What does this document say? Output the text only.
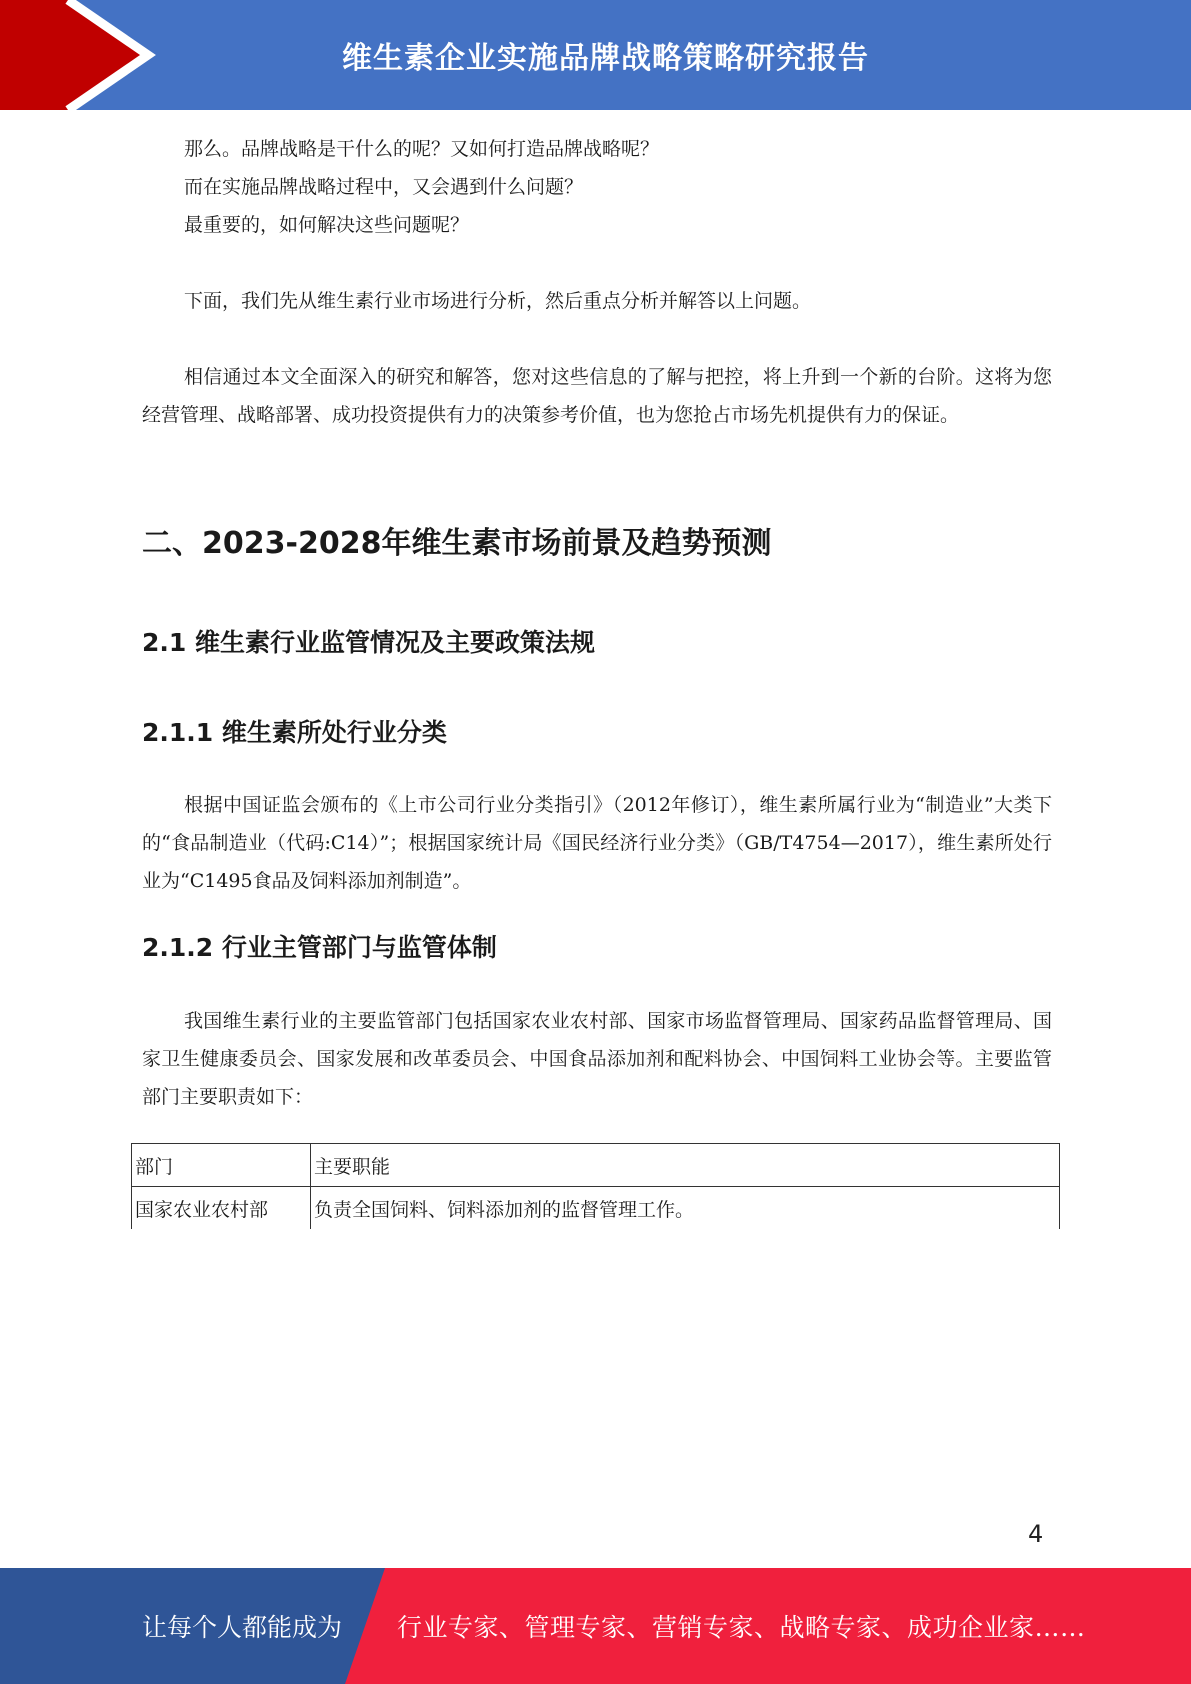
维生素企业实施品牌战略策略研究报告

那么。品牌战略是干什么的呢？又如何打造品牌战略呢？

而在实施品牌战略过程中，又会遇到什么问题？

最重要的，如何解决这些问题呢？

下面，我们先从维生素行业市场进行分析，然后重点分析并解答以上问题。

相信通过本文全面深入的研究和解答，您对这些信息的了解与把控，将上升到一个新的台阶。这将为您经营管理、战略部署、成功投资提供有力的决策参考价值，也为您抢占市场先机提供有力的保证。

二、2023-2028年维生素市场前景及趋势预测
2.1 维生素行业监管情况及主要政策法规
2.1.1 维生素所处行业分类

根据中国证监会颁布的《上市公司行业分类指引》（2012年修订），维生素所属行业为“制造业”大类下的“食品制造业（代码:C14）”；根据国家统计局《国民经济行业分类》（GB/T4754—2017），维生素所处行业为“C1495食品及饲料添加剂制造”。

2.1.2 行业主管部门与监管体制

我国维生素行业的主要监管部门包括国家农业农村部、国家市场监督管理局、国家药品监督管理局、国家卫生健康委员会、国家发展和改革委员会、中国食品添加剂和配料协会、中国饲料工业协会等。主要监管部门主要职责如下：

部门	主要职能
国家农业农村部	负责全国饲料、饲料添加剂的监督管理工作。
4
让每个人都能成为 行业专家、管理专家、营销专家、战略专家、成功企业家……
